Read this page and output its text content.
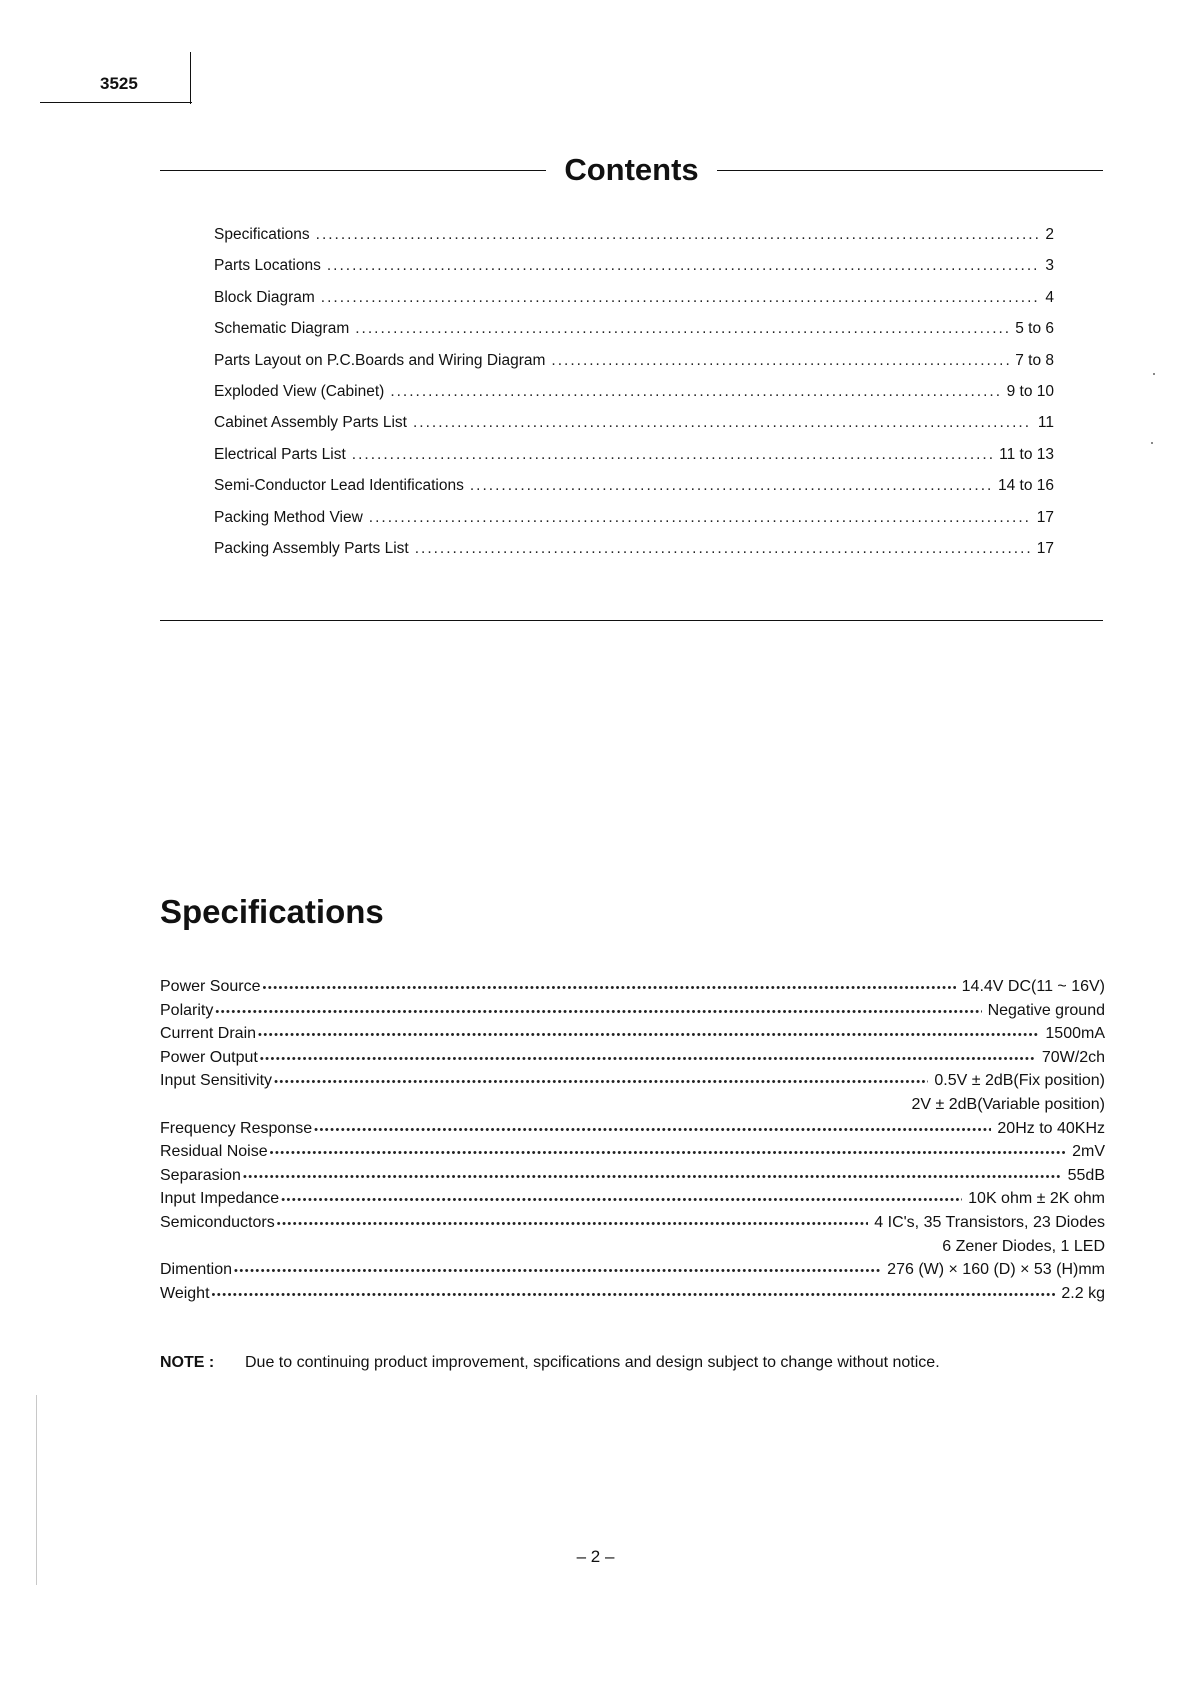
3525
Contents
Specifications .....	2
Parts Locations .....	3
Block Diagram .....	4
Schematic Diagram .....	5 to 6
Parts Layout on P.C.Boards and Wiring Diagram .....	7 to 8
Exploded View (Cabinet) .....	9 to 10
Cabinet Assembly Parts List .....	11
Electrical Parts List .....	11 to 13
Semi-Conductor Lead Identifications .....	14 to 16
Packing Method View .....	17
Packing Assembly Parts List .....	17
Specifications
Power Source •••••	14.4V DC(11 ~ 16V)
Polarity •••••	Negative ground
Current Drain •••••	1500mA
Power Output •••••	70W/2ch
Input Sensitivity •••••	0.5V ± 2dB(Fix position)
2V ± 2dB(Variable position)
Frequency Response •••••	20Hz to 40KHz
Residual Noise •••••	2mV
Separasion •••••	55dB
Input Impedance •••••	10K ohm ± 2K ohm
Semiconductors •••••	4 IC's, 35 Transistors, 23 Diodes
6 Zener Diodes, 1 LED
Dimention •••••	276 (W) × 160 (D) × 53 (H)mm
Weight •••••	2.2 kg
NOTE :	Due to continuing product improvement, spcifications and design subject to change without notice.
– 2 –
